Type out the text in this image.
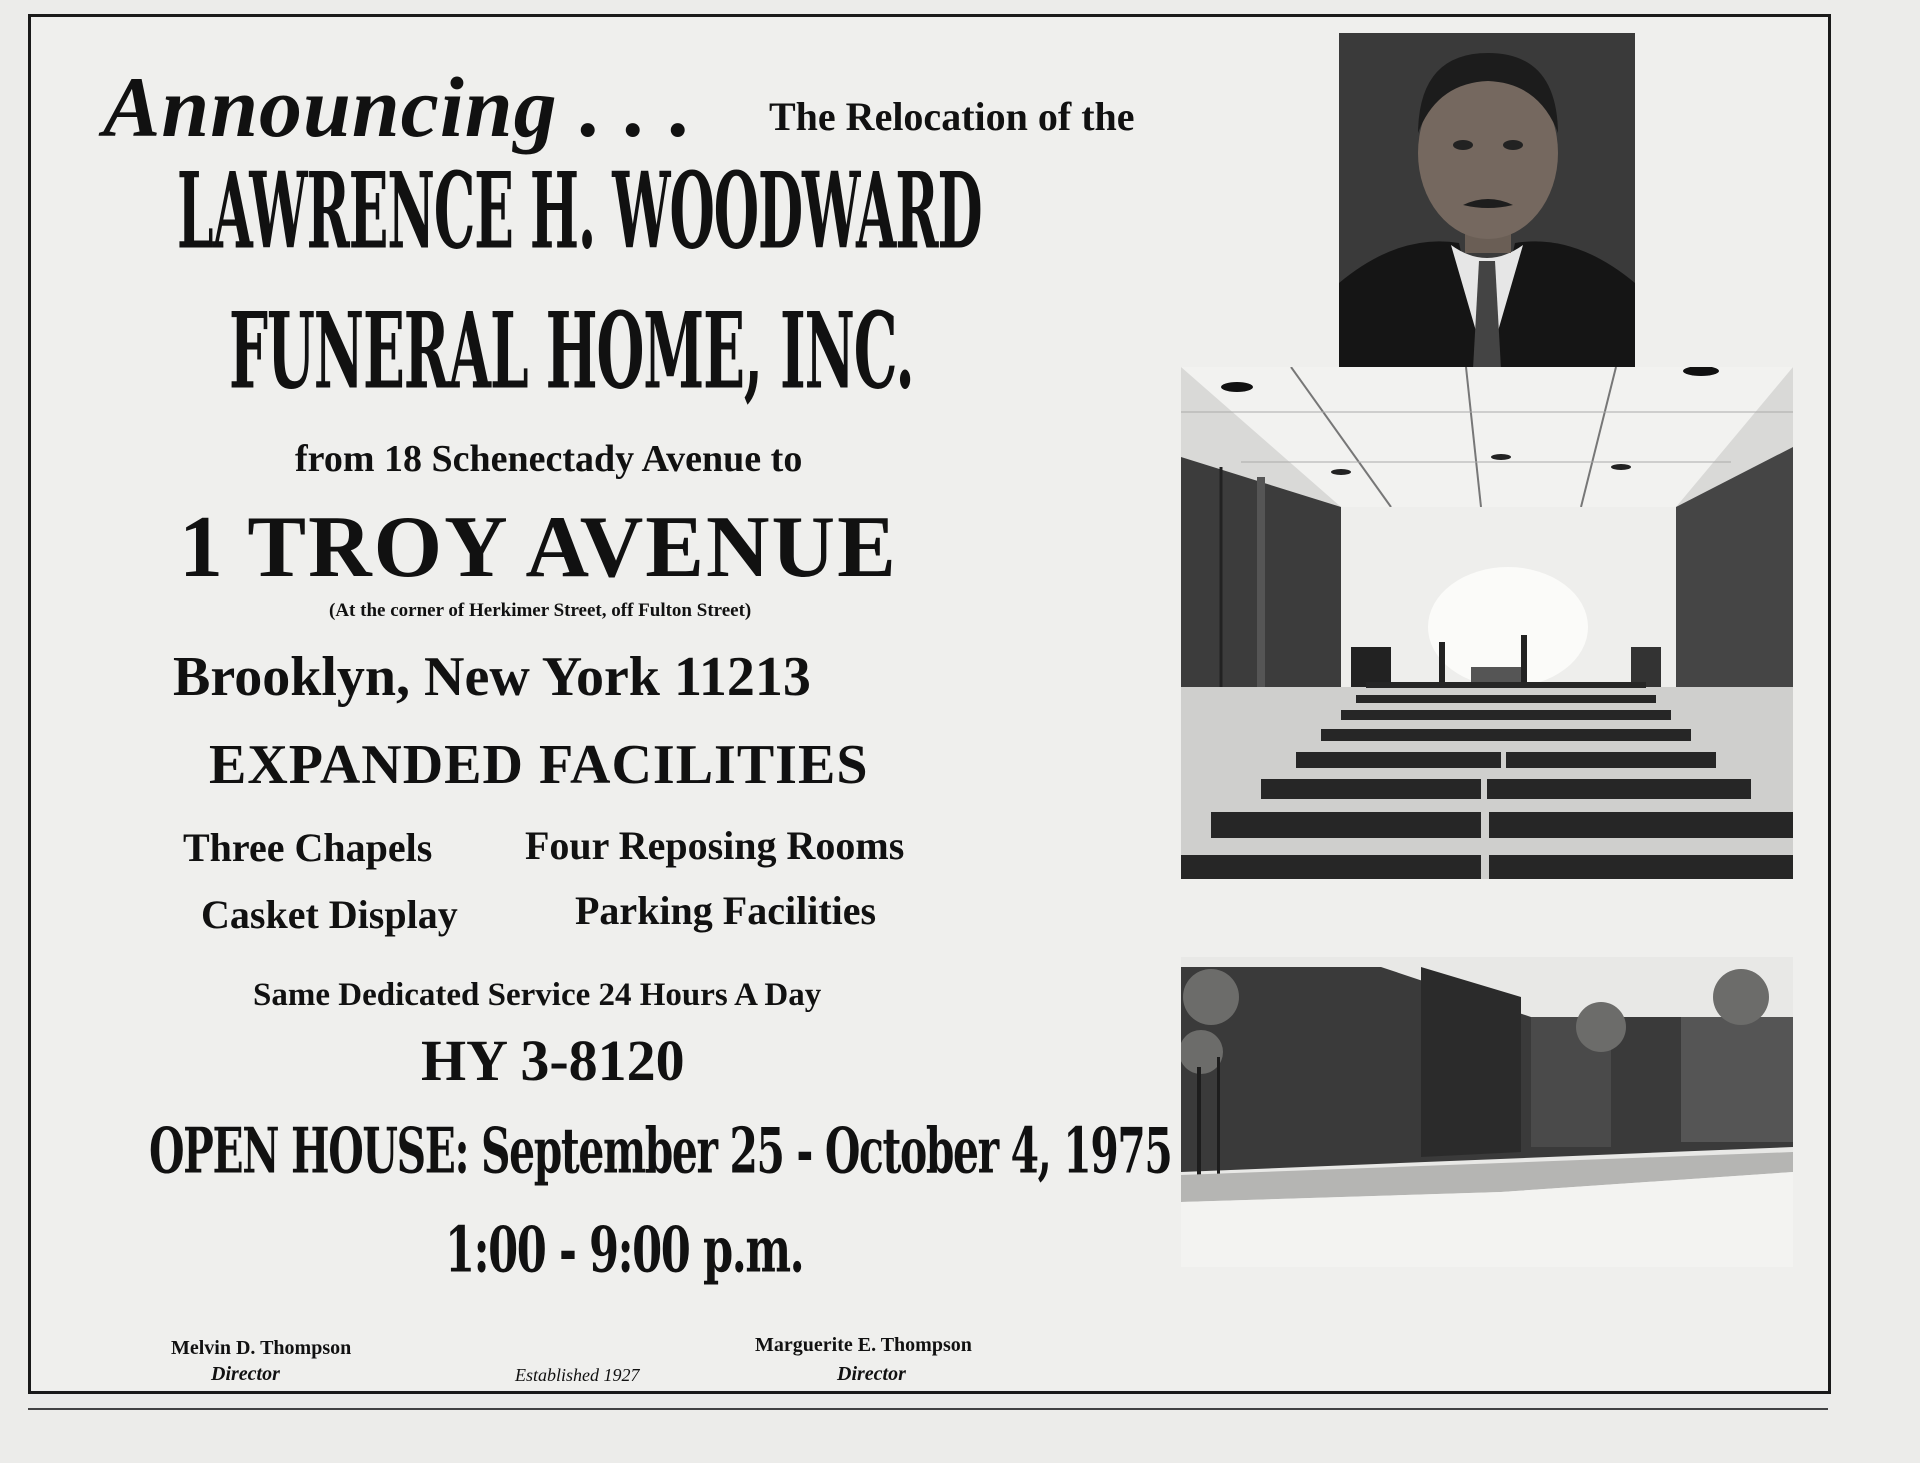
Announcing . . . The Relocation of the
LAWRENCE H. WOODWARD
FUNERAL HOME, INC.
from 18 Schenectady Avenue to
1 TROY AVENUE
(At the corner of Herkimer Street, off Fulton Street)
Brooklyn, New York 11213
EXPANDED FACILITIES
Three Chapels Four Reposing Rooms
Casket Display	Parking Facilities
Same Dedicated Service 24 Hours A Day
HY 3-8120
OPEN HOUSE: September 25 - October 4, 1975
1:00 - 9:00 p.m.
Melvin D. Thompson
Director	Established 1927
Marguerite E. Thompson
Director
